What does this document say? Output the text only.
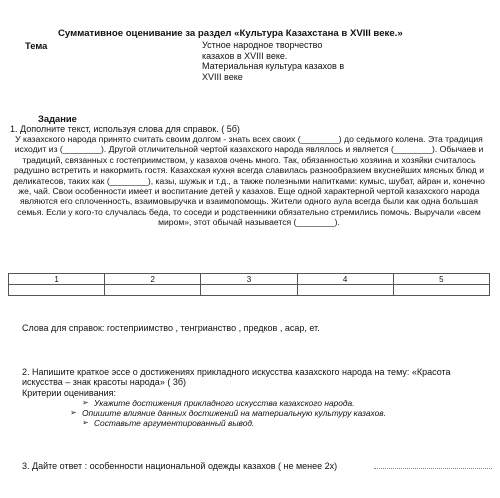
Суммативное оценивание за раздел «Культура Казахстана в XVIII веке.»
Тема	Устное народное творчество
казахов в XVIII веке.
Материальная культура казахов в
XVIII веке
Задание
1. Дополните текст, используя слова для справок. ( 5б)
У казахского народа принято считать своим долгом - знать всех своих (________) до седьмого колена. Эта традиция исходит из (________). Другой отличительной чертой казахского народа являлось и является (________). Обычаев и традиций, связанных с гостеприимством, у казахов очень много. Так, обязанностью хозяина и хозяйки считалось радушно встретить и накормить гостя. Казахская кухня всегда славилась разнообразием вкуснейших мясных блюд и деликатесов, таких как (________), казы, шужык и т.д., а также полезными напитками: кумыс, шубат, айран и, конечно же, чай. Свои особенности имеет и воспитание детей у казахов. Еще одной характерной чертой казахского народа являются его сплоченность, взаимовыручка и взаимопомощь. Жители одного аула всегда были как одна большая семья. Если у кого-то случалась беда, то соседи и родственники обязательно стремились помочь. Выручали «всем миром», этот обычай называется (________).
1	2	3	4	5

Слова для справок: гостеприимство , тенгрианство , предков , асар, ет.
2. Напишите краткое эссе о достижениях прикладного искусства казахского народа на тему: «Красота искусства – знак красоты народа» ( 3б)
Критерии оценивания:
➢ Укажите достижения прикладного искусства казахского народа.
➢ Опишите влияние данных достижений на материальную культуру казахов.
➢ Составьте аргументированный вывод.
3. Дайте ответ : особенности национальной одежды казахов ( не менее 2х)
